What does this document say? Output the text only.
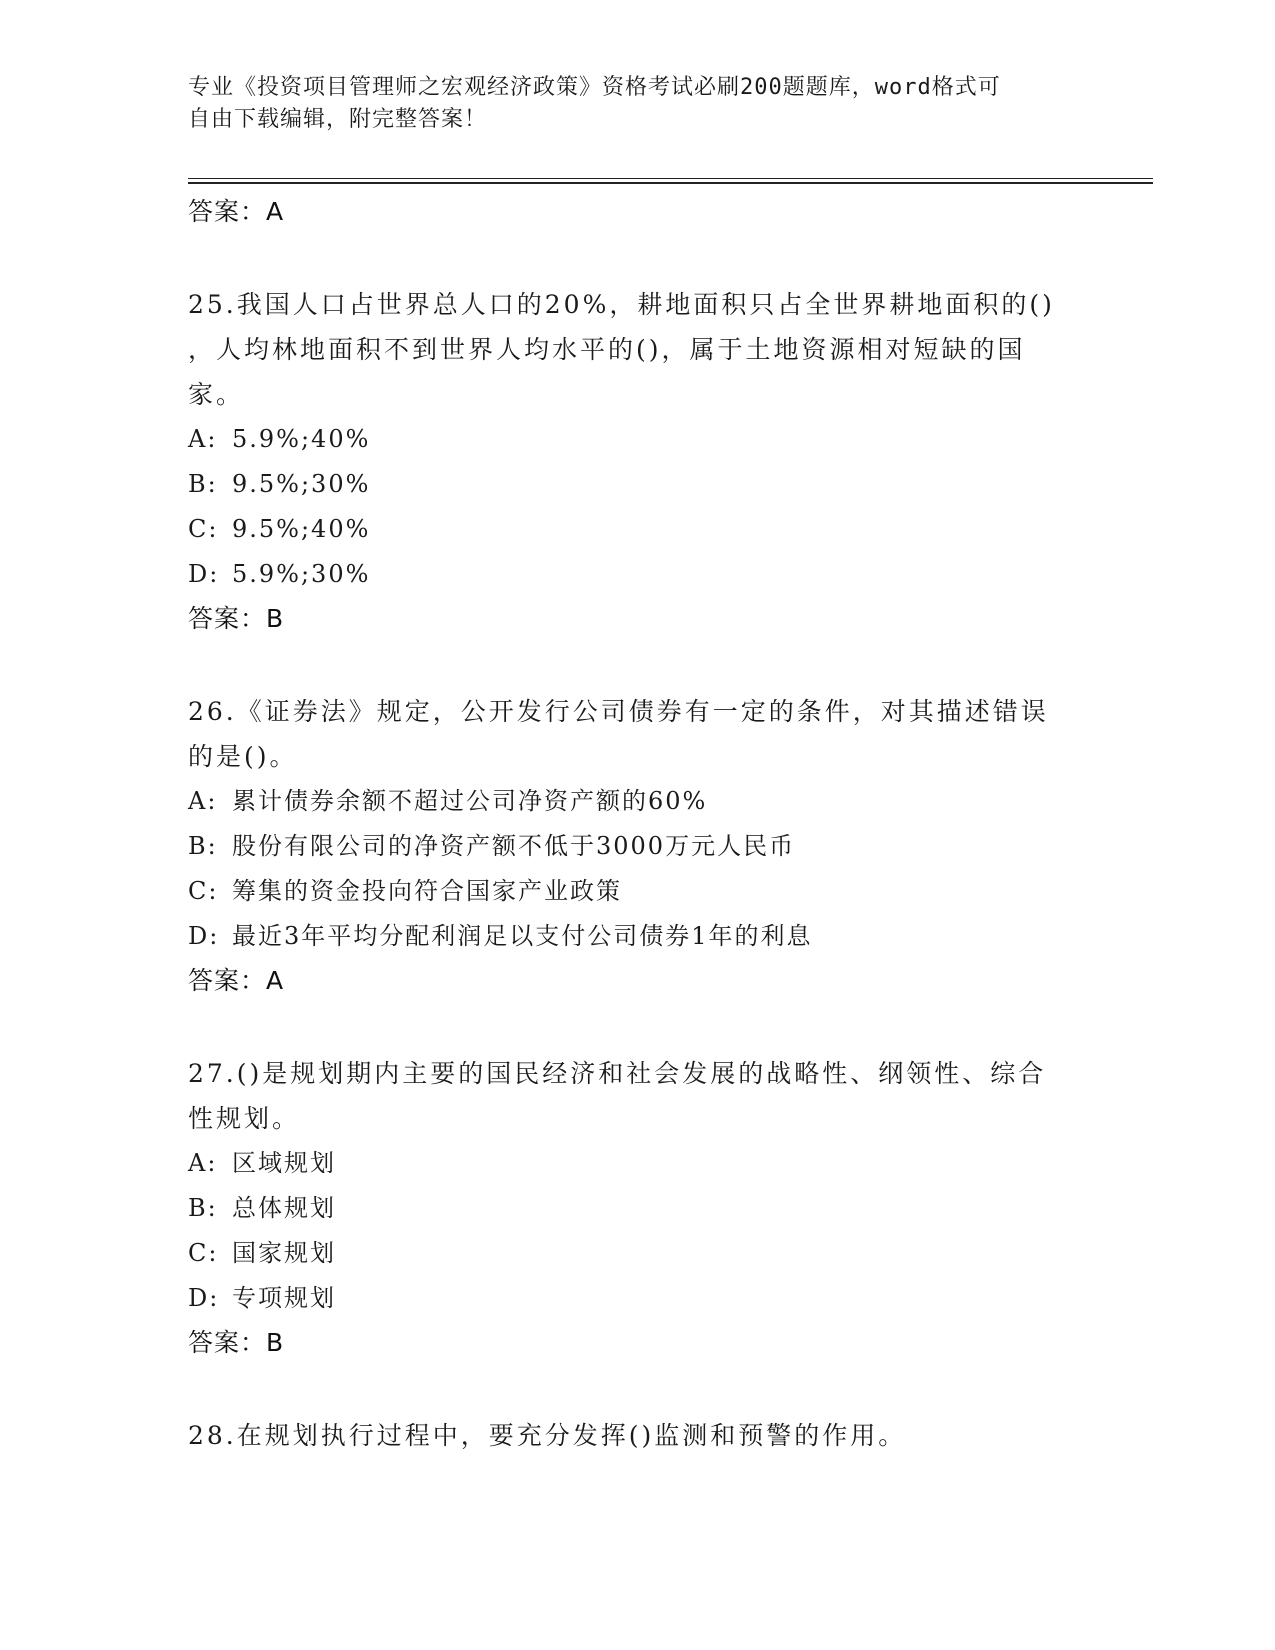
专业《投资项目管理师之宏观经济政策》资格考试必刷200题题库，word格式可
自由下载编辑，附完整答案！
答案：A
25.我国人口占世界总人口的20%，耕地面积只占全世界耕地面积的()
，人均林地面积不到世界人均水平的()，属于土地资源相对短缺的国
家。
A: 5.9%;40%
B: 9.5%;30%
C: 9.5%;40%
D: 5.9%;30%
答案：B
26.《证券法》规定，公开发行公司债券有一定的条件，对其描述错误
的是()。
A: 累计债券余额不超过公司净资产额的60%
B: 股份有限公司的净资产额不低于3000万元人民币
C: 筹集的资金投向符合国家产业政策
D: 最近3年平均分配利润足以支付公司债券1年的利息
答案：A
27.()是规划期内主要的国民经济和社会发展的战略性、纲领性、综合
性规划。
A: 区域规划
B: 总体规划
C: 国家规划
D: 专项规划
答案：B
28.在规划执行过程中，要充分发挥()监测和预警的作用。
